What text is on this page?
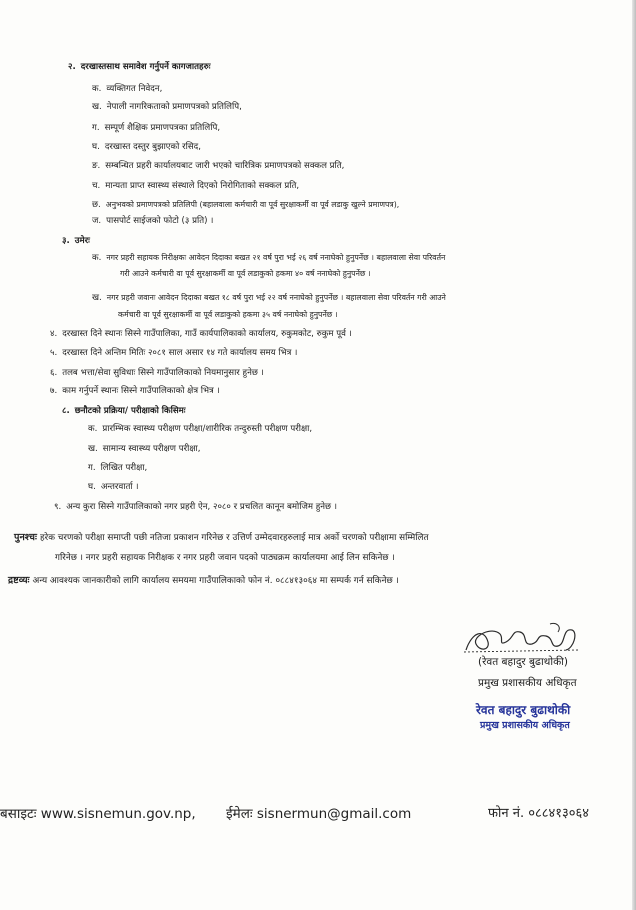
२. दरखास्तसाथ समावेश गर्नुपर्ने कागजातहरुः
क. व्यक्तिगत निवेदन,
ख. नेपाली नागरिकताको प्रमाणपत्रको प्रतिलिपि,
ग. सम्पूर्ण शैक्षिक प्रमाणपत्रका प्रतिलिपि,
घ. दरखास्त दस्तुर बुझाएको रसिद,
ङ. सम्बन्धित प्रहरी कार्यालयबाट जारी भएको चारित्रिक प्रमाणपत्रको सक्कल प्रति,
च. मान्यता प्राप्त स्वास्थ्य संस्थाले दिएको निरोगिताको सक्कल प्रति,
छ. अनुभवको प्रमाणपत्रको प्रतिलिपी (बहालवाला कर्मचारी वा पूर्व सुरक्षाकर्मी वा पूर्व लडाकु खुल्ने प्रमाणपत्र),
ज. पासपोर्ट साईजको फोटो (३ प्रति) ।
३. उमेरः
क. नगर प्रहरी सहायक निरीक्षकः आवेदन दिदाका बखत २१ वर्ष पुरा भई २६ वर्ष ननाघेको हुनुपर्नेछ । बहालवाला सेवा परिवर्तन
गरी आउने कर्मचारी वा पूर्व सुरक्षाकर्मी वा पूर्व लडाकुको हकमा ४० वर्ष ननाघेको हुनुपर्नेछ ।
ख. नगर प्रहरी जवानः आवेदन दिदाका बखत १८ वर्ष पुरा भई २२ वर्ष ननाघेको हुनुपर्नेछ । बहालवाला सेवा परिवर्तन गरी आउने
कर्मचारी वा पूर्व सुरक्षाकर्मी वा पूर्व लडाकुको हकमा ३५ वर्ष ननाघेको हुनुपर्नेछ ।
४. दरखास्त दिने स्थानः सिस्ने गाउँपालिका, गाउँ कार्यपालिकाको कार्यालय, रुकुमकोट, रुकुम पूर्व ।
५. दरखास्त दिने अन्तिम मितिः २०८१ साल असार १४ गते कार्यालय समय भित्र ।
६. तलब भत्ता/सेवा सुविधाः सिस्ने गाउँपालिकाको नियमानुसार हुनेछ ।
७. काम गर्नुपर्ने स्थानः सिस्ने गाउँपालिकाको क्षेत्र भित्र ।
८. छनौटको प्रक्रिया/ परीक्षाको किसिमः
क. प्रारम्भिक स्वास्थ्य परीक्षण परीक्षा/शारीरिक तन्दुरुस्ती परीक्षण परीक्षा,
ख. सामान्य स्वास्थ्य परीक्षण परीक्षा,
ग. लिखित परीक्षा,
घ. अन्तरवार्ता ।
९. अन्य कुरा सिस्ने गाउँपालिकाको नगर प्रहरी ऐन, २०८० र प्रचलित कानून बमोजिम हुनेछ ।
पुनश्चः हरेक चरणको परीक्षा समाप्ती पछी नतिजा प्रकाशन गरिनेछ र उत्तिर्ण उम्मेदवारहरुलाई मात्र अर्को चरणको परीक्षामा सम्मिलित
गरिनेछ । नगर प्रहरी सहायक निरीक्षक र नगर प्रहरी जवान पदको पाठ्यक्रम कार्यालयमा आई लिन सकिनेछ ।
द्रष्टव्यः अन्य आवश्यक जानकारीको लागि कार्यालय समयमा गाउँपालिकाको फोन नं. ०८८४१३०६४ मा सम्पर्क गर्न सकिनेछ ।
(रेवत बहादुर बुढाथोकी)
प्रमुख प्रशासकीय अधिकृत
रेवत बहादुर बुढाथोकी
प्रमुख प्रशासकीय अधिकृत
बसाइटः www.sisnemun.gov.np, ईमेलः sisnermun@gmail.com	फोन नं. ०८८४१३०६४
